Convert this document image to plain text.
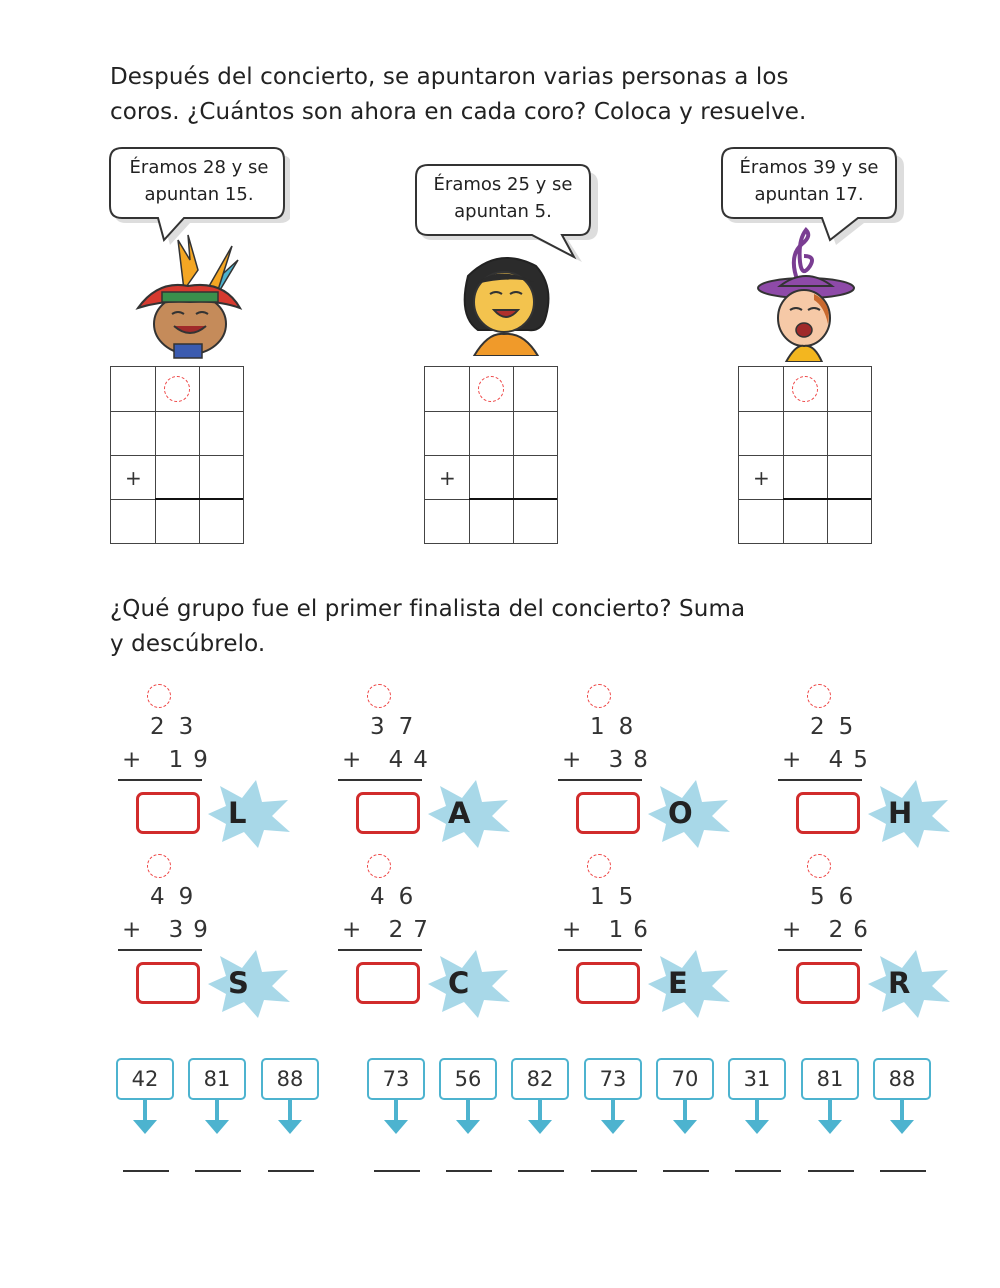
Después del concierto, se apuntaron varias personas a los
coros. ¿Cuántos son ahora en cada coro? Coloca y resuelve.
Éramos 28 y se
apuntan 15.	Éramos 25 y se
apuntan 5.
Éramos 39 y se
apuntan 17.
+	+	+
¿Qué grupo fue el primer finalista del concierto? Suma
y descúbrelo.
23
+ 19
L
37
+ 44
A
18
+ 38
O
25
+ 45
H
49
+ 39
S
46
+ 27
C
15
+ 16
E
56
+ 26
R
42	81	88	73	56	82	73	70	31	81	88
